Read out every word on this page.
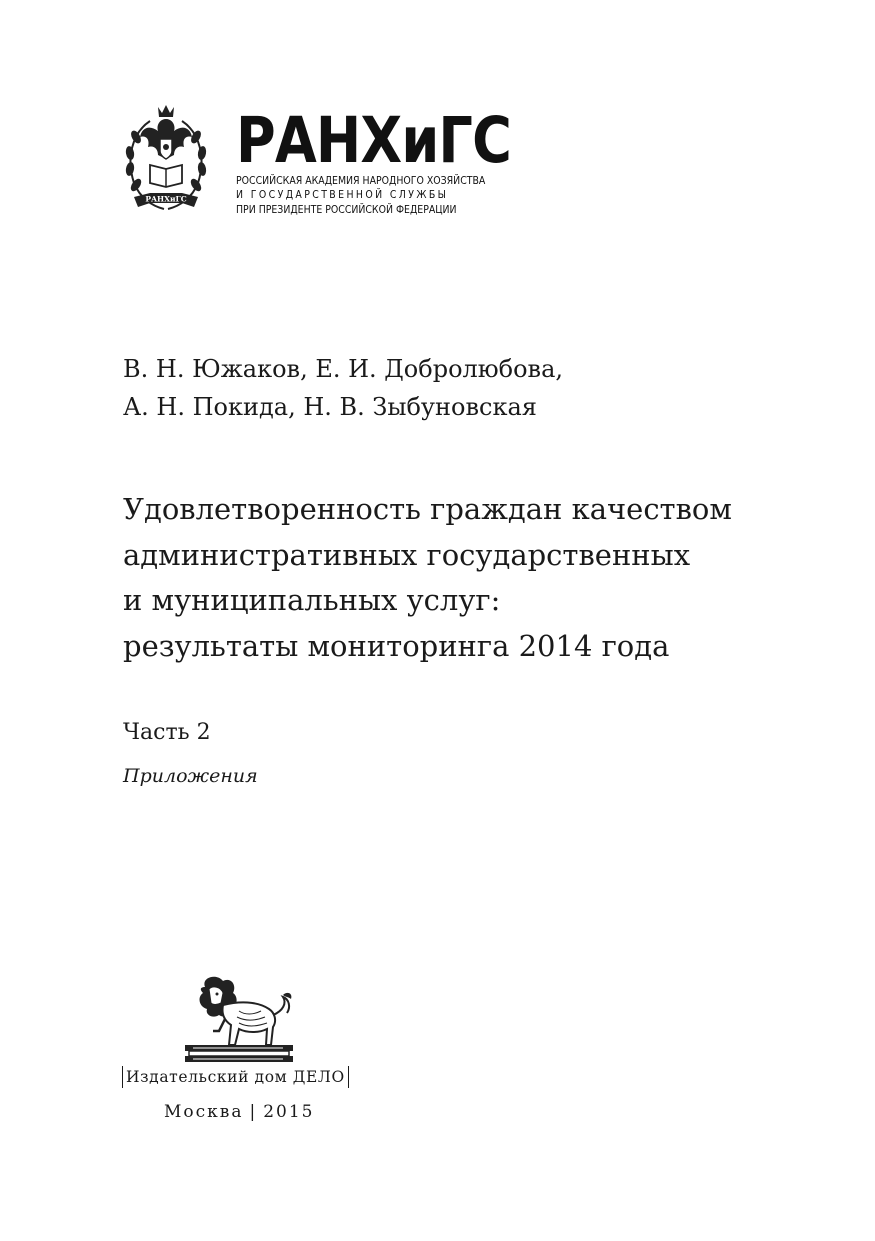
РАНХиГС
РАНХиГС
РОССИЙСКАЯ АКАДЕМИЯ НАРОДНОГО ХОЗЯЙСТВА
И ГОСУДАРСТВЕННОЙ СЛУЖБЫ
ПРИ ПРЕЗИДЕНТЕ РОССИЙСКОЙ ФЕДЕРАЦИИ
В. Н. Южаков, Е. И. Добролюбова,
А. Н. Покида, Н. В. Зыбуновская
Удовлетворенность граждан качеством
административных государственных
и муниципальных услуг:
результаты мониторинга 2014 года
Часть 2
Приложения
Издательский дом ДЕЛО
Москва | 2015
